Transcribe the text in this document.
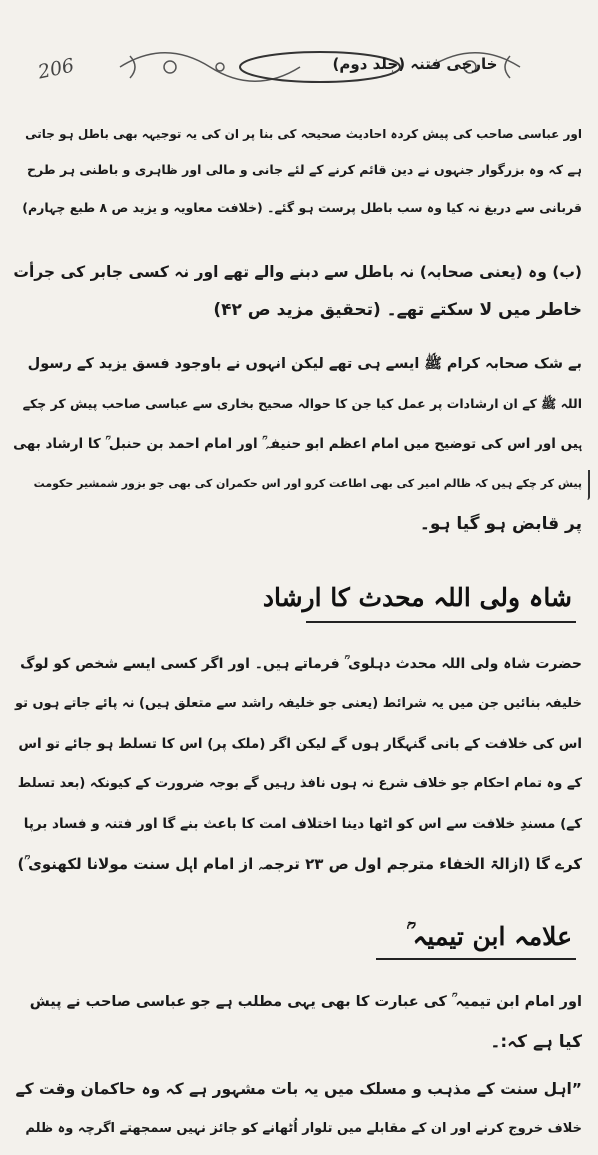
206	خارجی فتنہ (جلد دوم)
اور عباسی صاحب کی پیش کردہ احادیث صحیحہ کی بنا پر ان کی یہ توجیہہ بھی باطل ہو جاتی
ہے کہ وہ بزرگوار جنہوں نے دین قائم کرنے کے لئے جانی و مالی اور ظاہری و باطنی ہر طرح
قربانی سے دریغ نہ کیا وہ سب باطل پرست ہو گئے۔ (خلافت معاویہ و یزید ص ۸ طبع چہارم)
(ب) وہ (یعنی صحابہ) نہ باطل سے دبنے والے تھے اور نہ کسی جابر کی جرأت
خاطر میں لا سکتے تھے۔ (تحقیق مزید ص ۴۲)
بے شک صحابہ کرام ﷺ ایسے ہی تھے لیکن انہوں نے باوجود فسق یزید کے رسول
اللہ ﷺ کے ان ارشادات پر عمل کیا جن کا حوالہ صحیح بخاری سے عباسی صاحب پیش کر چکے
ہیں اور اس کی توضیح میں امام اعظم ابو حنیفہ ؒ اور امام احمد بن حنبل ؒ کا ارشاد بھی
پیش کر چکے ہیں کہ ظالم امیر کی بھی اطاعت کرو اور اس حکمران کی بھی جو بزور شمشیر حکومت
پر قابض ہو گیا ہو۔
شاہ ولی اللہ محدث کا ارشاد
حضرت شاہ ولی اللہ محدث دہلوی ؒ فرماتے ہیں۔ اور اگر کسی ایسے شخص کو لوگ
خلیفہ بنائیں جن میں یہ شرائط (یعنی جو خلیفہ راشد سے متعلق ہیں) نہ پائے جاتے ہوں تو
اس کی خلافت کے بانی گنہگار ہوں گے لیکن اگر (ملک پر) اس کا تسلط ہو جائے تو اس
کے وہ تمام احکام جو خلاف شرع نہ ہوں نافذ رہیں گے بوجہ ضرورت کے کیونکہ (بعد تسلط
کے) مسندِ خلافت سے اس کو اٹھا دینا اختلاف امت کا باعث بنے گا اور فتنہ و فساد برپا
کرے گا (ازالۃ الخفاء مترجم اول ص ۲۳ ترجمہ از امام اہل سنت مولانا لکھنوی ؒ)
علامہ ابن تیمیہ ؒ
اور امام ابن تیمیہ ؒ کی عبارت کا بھی یہی مطلب ہے جو عباسی صاحب نے پیش
کیا ہے کہ:۔
”اہل سنت کے مذہب و مسلک میں یہ بات مشہور ہے کہ وہ حاکمان وقت کے
خلاف خروج کرنے اور ان کے مقابلے میں تلوار اُٹھانے کو جائز نہیں سمجھتے اگرچہ وہ ظلم
